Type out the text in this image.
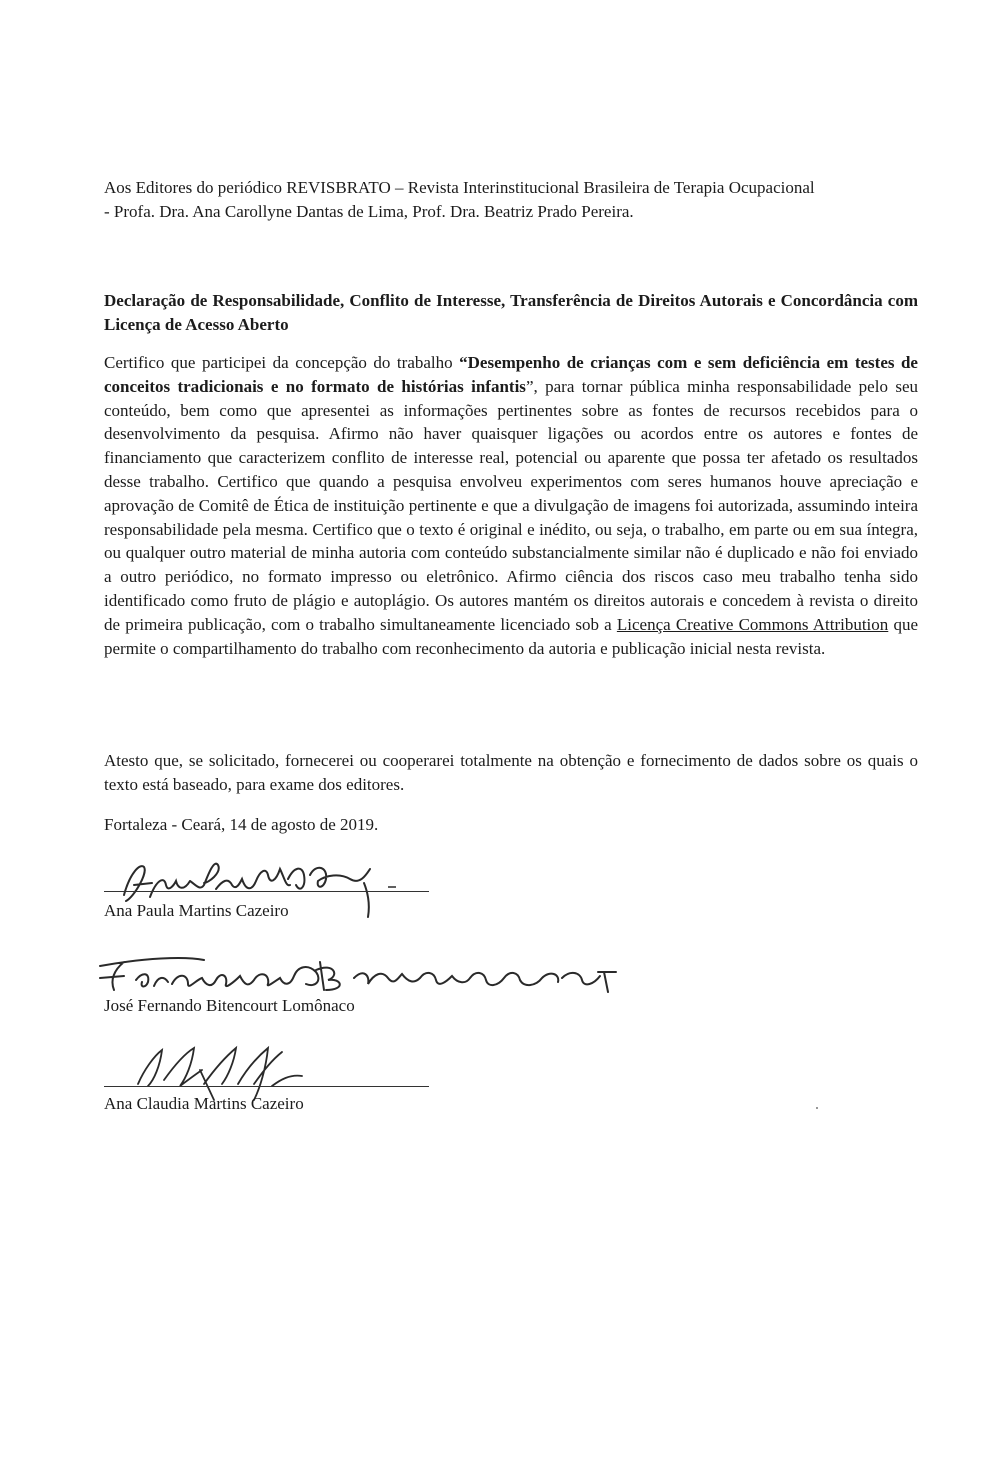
Aos Editores do periódico REVISBRATO – Revista Interinstitucional Brasileira de Terapia Ocupacional
- Profa. Dra. Ana Carollyne Dantas de Lima, Prof. Dra. Beatriz Prado Pereira.
Declaração de Responsabilidade, Conflito de Interesse, Transferência de Direitos Autorais e Concordância com Licença de Acesso Aberto
Certifico que participei da concepção do trabalho “Desempenho de crianças com e sem deficiência em testes de conceitos tradicionais e no formato de histórias infantis”, para tornar pública minha responsabilidade pelo seu conteúdo, bem como que apresentei as informações pertinentes sobre as fontes de recursos recebidos para o desenvolvimento da pesquisa. Afirmo não haver quaisquer ligações ou acordos entre os autores e fontes de financiamento que caracterizem conflito de interesse real, potencial ou aparente que possa ter afetado os resultados desse trabalho. Certifico que quando a pesquisa envolveu experimentos com seres humanos houve apreciação e aprovação de Comitê de Ética de instituição pertinente e que a divulgação de imagens foi autorizada, assumindo inteira responsabilidade pela mesma. Certifico que o texto é original e inédito, ou seja, o trabalho, em parte ou em sua íntegra, ou qualquer outro material de minha autoria com conteúdo substancialmente similar não é duplicado e não foi enviado a outro periódico, no formato impresso ou eletrônico. Afirmo ciência dos riscos caso meu trabalho tenha sido identificado como fruto de plágio e autoplágio. Os autores mantém os direitos autorais e concedem à revista o direito de primeira publicação, com o trabalho simultaneamente licenciado sob a Licença Creative Commons Attribution que permite o compartilhamento do trabalho com reconhecimento da autoria e publicação inicial nesta revista.
Atesto que, se solicitado, fornecerei ou cooperarei totalmente na obtenção e fornecimento de dados sobre os quais o texto está baseado, para exame dos editores.
Fortaleza - Ceará, 14 de agosto de 2019.
Ana Paula Martins Cazeiro
José Fernando Bitencourt Lomônaco
Ana Claudia Martins Cazeiro
